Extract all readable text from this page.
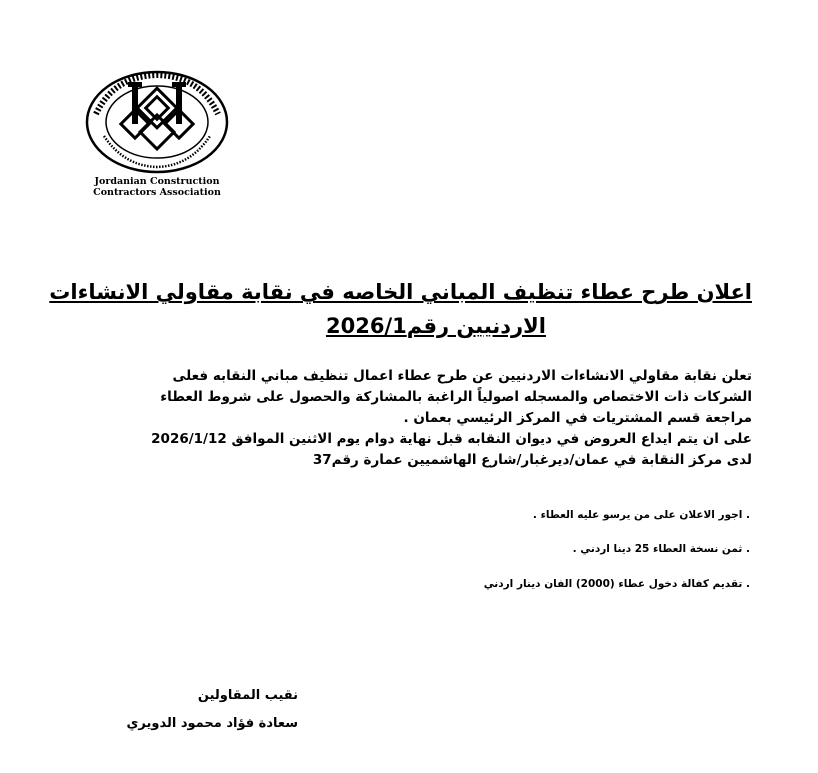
Jordanian Construction
Contractors Association
اعلان طرح عطاء تنظيف المباني الخاصه في نقابة مقاولي الانشاءات
الاردنيين رقم2026/1
تعلن نقابة مقاولي الانشاءات الاردنيين عن طرح عطاء اعمال تنظيف مباني النقابه فعلى
الشركات ذات الاختصاص والمسجله اصولياً الراغبة بالمشاركة والحصول على شروط العطاء
مراجعة قسم المشتريات في المركز الرئيسي بعمان .
على ان يتم ايداع العروض في ديوان النقابه قبل نهاية دوام يوم الاثنين الموافق 2026/1/12
لدى مركز النقابة في عمان/ديرغبار/شارع الهاشميين عمارة رقم37
. اجور الاعلان على من يرسو عليه العطاء .
. ثمن نسخة العطاء 25 دينا اردني .
. تقديم كفالة دخول عطاء (2000) الفان دينار اردني
نقيب المقاولين
سعادة فؤاد محمود الدويري
